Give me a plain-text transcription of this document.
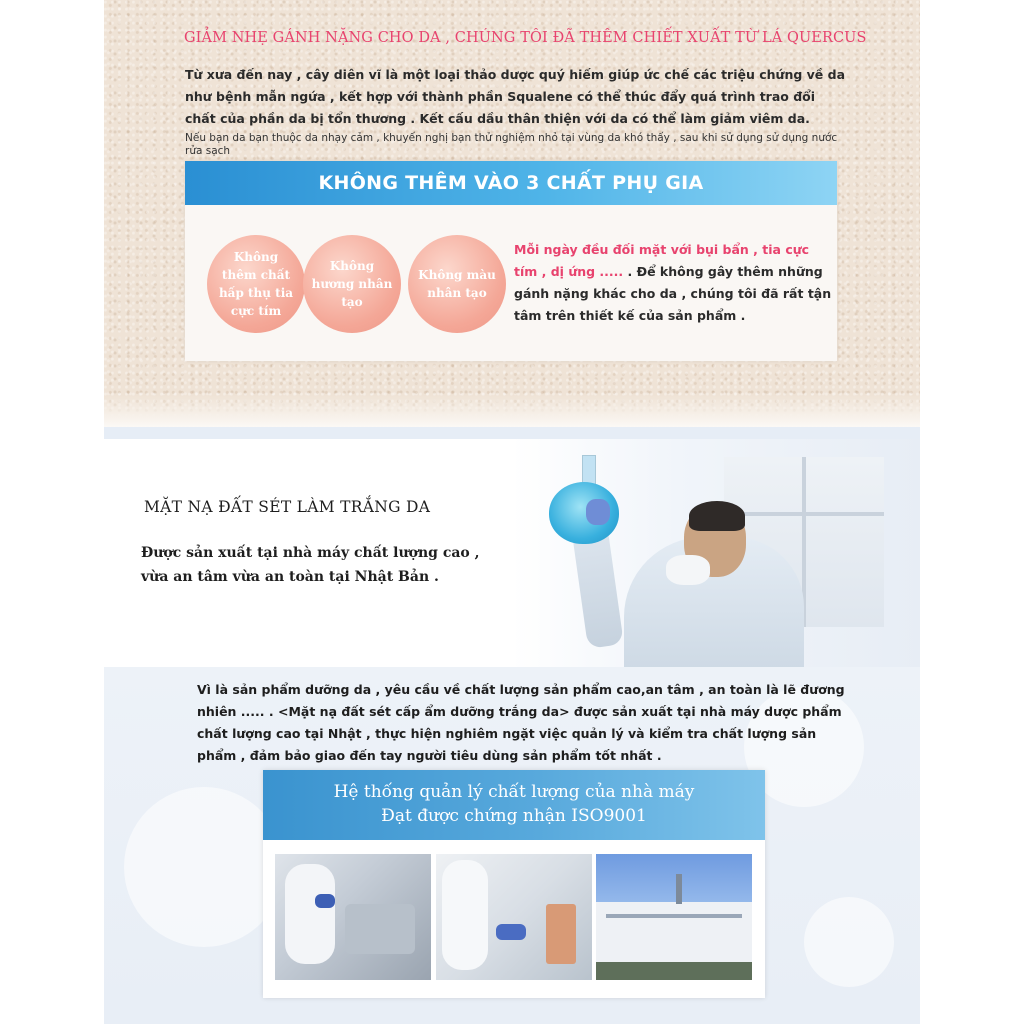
GIẢM NHẸ GÁNH NẶNG CHO DA , CHÚNG TÔI ĐÃ THÊM CHIẾT XUẤT TỪ LÁ QUERCUS
Từ xưa đến nay , cây diên vĩ là một loại thảo dược quý hiếm giúp ức chế các triệu chứng về da như bệnh mẫn ngứa , kết hợp với thành phần Squalene có thể thúc đẩy quá trình trao đổi chất của phần da bị tổn thương . Kết cấu dầu thân thiện với da có thể làm giảm viêm da.
Nếu bạn da bạn thuộc da nhạy cảm , khuyến nghị bạn thử nghiệm nhỏ tại vùng da khó thấy , sau khi sử dụng sử dụng nước rửa sạch
KHÔNG THÊM VÀO 3 CHẤT PHỤ GIA
Không thêm chất hấp thụ tia cực tím
Không hương nhân tạo
Không màu nhân tạo
Mỗi ngày đều đối mặt với bụi bẩn , tia cực tím , dị ứng ..... . Để không gây thêm những gánh nặng khác cho da , chúng tôi đã rất tận tâm trên thiết kế của sản phẩm .
MẶT NẠ ĐẤT SÉT LÀM TRẮNG DA
Được sản xuất tại nhà máy chất lượng cao , vừa an tâm vừa an toàn tại Nhật Bản .
Vì là sản phẩm dưỡng da , yêu cầu về chất lượng sản phẩm cao,an tâm , an toàn là lẽ đương nhiên ..... . <Mặt nạ đất sét cấp ẩm dưỡng trắng da> được sản xuất tại nhà máy dược phẩm chất lượng cao tại Nhật , thực hiện nghiêm ngặt việc quản lý và kiểm tra chất lượng sản phẩm , đảm bảo giao đến tay người tiêu dùng sản phẩm tốt nhất .
Hệ thống quản lý chất lượng của nhà máy
Đạt được chứng nhận ISO9001
